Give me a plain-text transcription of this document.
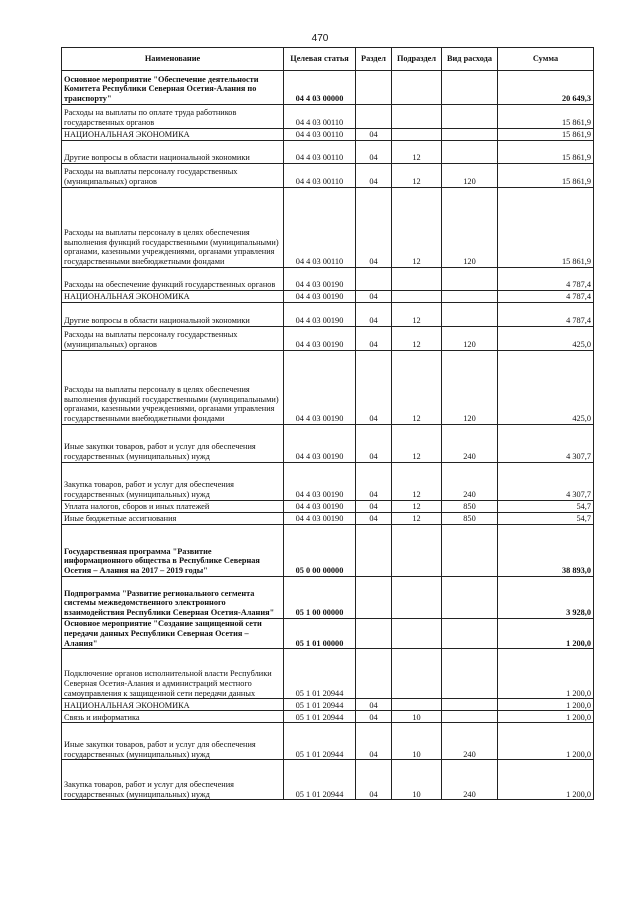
470
Наименование	Целевая статья	Раздел	Подраздел	Вид расхода	Сумма
Основное мероприятие "Обеспечение деятельности Комитета Республики Северная Осетия-Алания по транспорту"	04 4 03 00000				20 649,3
Расходы на выплаты по оплате труда работников государственных органов	04 4 03 00110				15 861,9
НАЦИОНАЛЬНАЯ ЭКОНОМИКА	04 4 03 00110	04			15 861,9
Другие вопросы в области национальной экономики	04 4 03 00110	04	12		15 861,9
Расходы на выплаты персоналу государственных (муниципальных) органов	04 4 03 00110	04	12	120	15 861,9
Расходы на выплаты персоналу в целях обеспечения выполнения функций государственными (муниципальными) органами, казенными учреждениями, органами управления государственными внебюджетными фондами	04 4 03 00110	04	12	120	15 861,9
Расходы на обеспечение функций государственных органов	04 4 03 00190				4 787,4
НАЦИОНАЛЬНАЯ ЭКОНОМИКА	04 4 03 00190	04			4 787,4
Другие вопросы в области национальной экономики	04 4 03 00190	04	12		4 787,4
Расходы на выплаты персоналу государственных (муниципальных) органов	04 4 03 00190	04	12	120	425,0
Расходы на выплаты персоналу в целях обеспечения выполнения функций государственными (муниципальными) органами, казенными учреждениями, органами управления государственными внебюджетными фондами	04 4 03 00190	04	12	120	425,0
Иные закупки товаров, работ и услуг для обеспечения государственных (муниципальных) нужд	04 4 03 00190	04	12	240	4 307,7
Закупка товаров, работ и услуг для обеспечения государственных (муниципальных) нужд	04 4 03 00190	04	12	240	4 307,7
Уплата налогов, сборов и иных платежей	04 4 03 00190	04	12	850	54,7
Иные бюджетные ассигнования	04 4 03 00190	04	12	850	54,7
Государственная программа "Развитие информационного общества в Республике Северная Осетия – Алания на 2017 – 2019 годы"	05 0 00 00000				38 893,0
Подпрограмма "Развитие регионального сегмента системы межведомственного электронного взаимодействия Республики Северная Осетия-Алания"	05 1 00 00000				3 928,0
Основное мероприятие "Создание защищенной сети передачи данных Республики Северная Осетия – Алания"	05 1 01 00000				1 200,0
Подключение органов исполнительной власти Республики Северная Осетия-Алания и администраций местного самоуправления к защищенной сети передачи данных	05 1 01 20944				1 200,0
НАЦИОНАЛЬНАЯ ЭКОНОМИКА	05 1 01 20944	04			1 200,0
Связь и информатика	05 1 01 20944	04	10		1 200,0
Иные закупки товаров, работ и услуг для обеспечения государственных (муниципальных) нужд	05 1 01 20944	04	10	240	1 200,0
Закупка товаров, работ и услуг для обеспечения государственных (муниципальных) нужд	05 1 01 20944	04	10	240	1 200,0
